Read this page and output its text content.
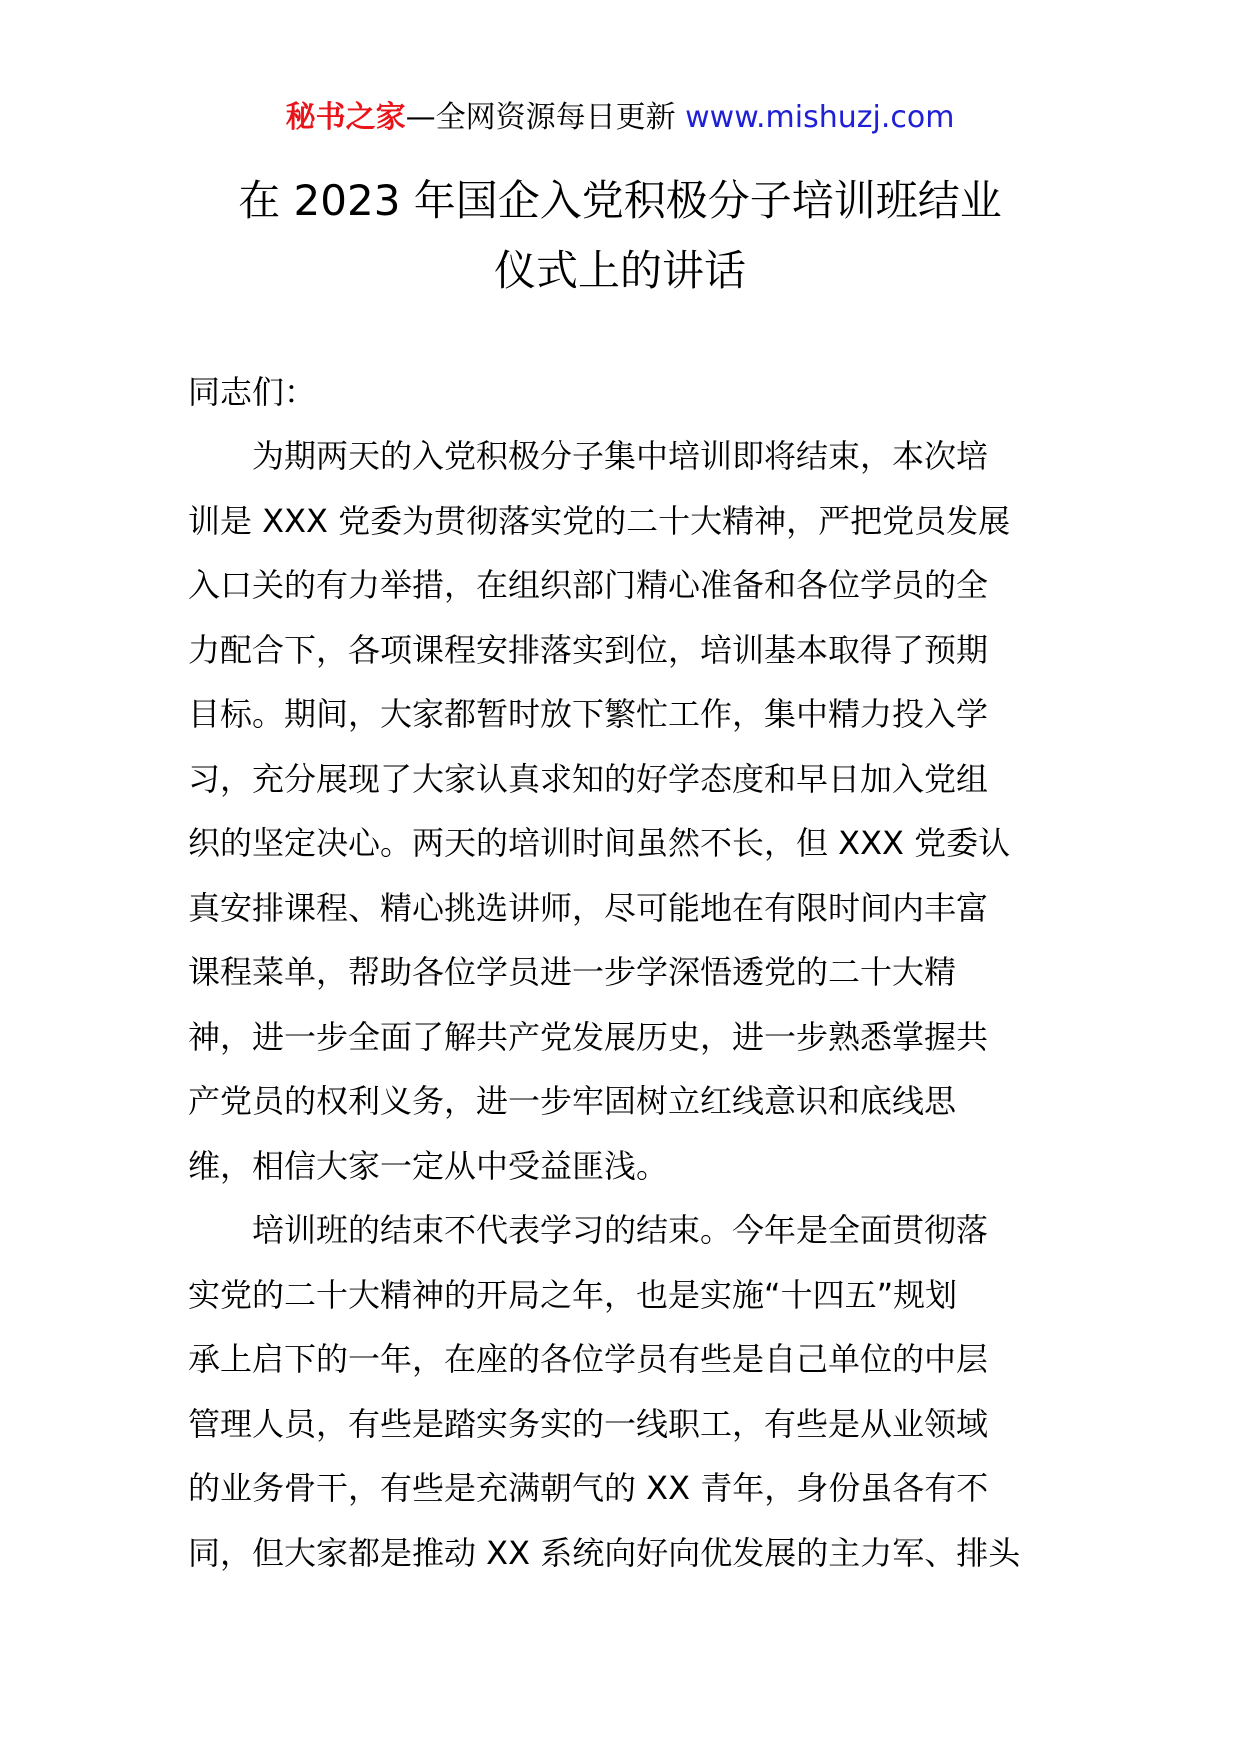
秘书之家—全网资源每日更新 www.mishuzj.com
在 2023 年国企入党积极分子培训班结业
仪式上的讲话

同志们：

为期两天的入党积极分子集中培训即将结束，本次培
训是 XXX 党委为贯彻落实党的二十大精神，严把党员发展
入口关的有力举措，在组织部门精心准备和各位学员的全
力配合下，各项课程安排落实到位，培训基本取得了预期
目标。期间，大家都暂时放下繁忙工作，集中精力投入学
习，充分展现了大家认真求知的好学态度和早日加入党组
织的坚定决心。两天的培训时间虽然不长，但 XXX 党委认
真安排课程、精心挑选讲师，尽可能地在有限时间内丰富
课程菜单，帮助各位学员进一步学深悟透党的二十大精
神，进一步全面了解共产党发展历史，进一步熟悉掌握共
产党员的权利义务，进一步牢固树立红线意识和底线思
维，相信大家一定从中受益匪浅。
培训班的结束不代表学习的结束。今年是全面贯彻落
实党的二十大精神的开局之年，也是实施“十四五”规划
承上启下的一年，在座的各位学员有些是自己单位的中层
管理人员，有些是踏实务实的一线职工，有些是从业领域
的业务骨干，有些是充满朝气的 XX 青年，身份虽各有不
同，但大家都是推动 XX 系统向好向优发展的主力军、排头
